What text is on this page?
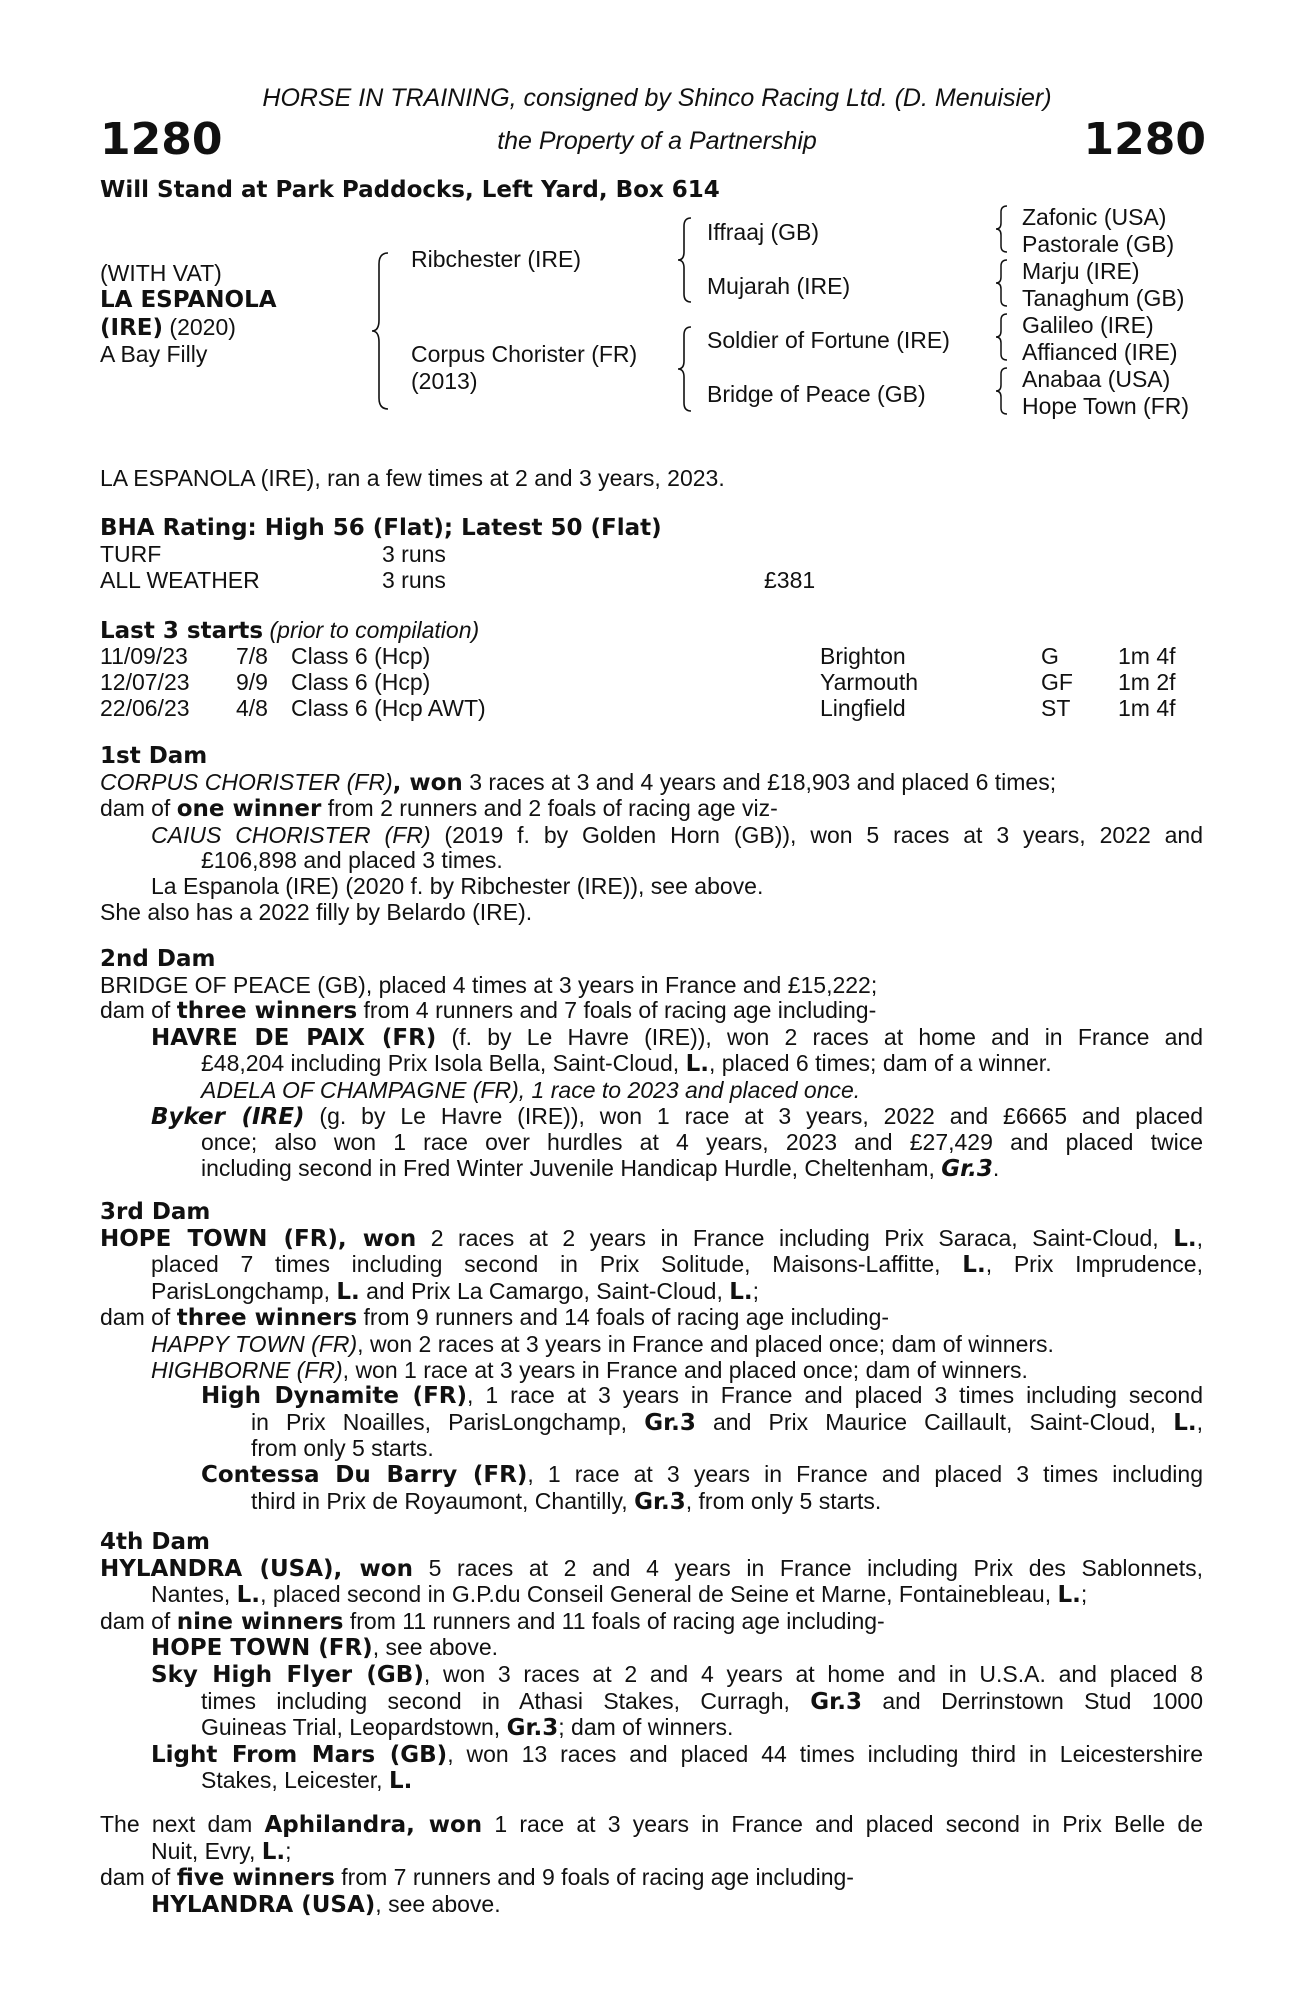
HORSE IN TRAINING, consigned by Shinco Racing Ltd. (D. Menuisier)
1280	the Property of a Partnership	1280
Will Stand at Park Paddocks, Left Yard, Box 614
(WITH VAT)
LA ESPANOLA
(IRE) (2020)
A Bay Filly
Ribchester (IRE)
Corpus Chorister (FR)
(2013)
Iffraaj (GB)
Mujarah (IRE)
Soldier of Fortune (IRE)
Bridge of Peace (GB)
Zafonic (USA)
Pastorale (GB)
Marju (IRE)
Tanaghum (GB)
Galileo (IRE)
Affianced (IRE)
Anabaa (USA)
Hope Town (FR)
LA ESPANOLA (IRE), ran a few times at 2 and 3 years, 2023.
BHA Rating: High 56 (Flat); Latest 50 (Flat)
TURF	3 runs
ALL WEATHER	3 runs	£381
Last 3 starts (prior to compilation)
11/09/23 7/8 Class 6 (Hcp)	Brighton	G	1m 4f
12/07/23 9/9 Class 6 (Hcp)	Yarmouth	GF 1m 2f
22/06/23 4/8 Class 6 (Hcp AWT)	Lingfield	ST 1m 4f
1st Dam
CORPUS CHORISTER (FR), won 3 races at 3 and 4 years and £18,903 and placed 6 times;
dam of one winner from 2 runners and 2 foals of racing age viz-
CAIUS CHORISTER (FR) (2019 f. by Golden Horn (GB)), won 5 races at 3 years, 2022 and
£106,898 and placed 3 times.
La Espanola (IRE) (2020 f. by Ribchester (IRE)), see above.
She also has a 2022 filly by Belardo (IRE).
2nd Dam
BRIDGE OF PEACE (GB), placed 4 times at 3 years in France and £15,222;
dam of three winners from 4 runners and 7 foals of racing age including-
HAVRE DE PAIX (FR) (f. by Le Havre (IRE)), won 2 races at home and in France and
£48,204 including Prix Isola Bella, Saint-Cloud, L., placed 6 times; dam of a winner.
ADELA OF CHAMPAGNE (FR), 1 race to 2023 and placed once.
Byker (IRE) (g. by Le Havre (IRE)), won 1 race at 3 years, 2022 and £6665 and placed
once; also won 1 race over hurdles at 4 years, 2023 and £27,429 and placed twice
including second in Fred Winter Juvenile Handicap Hurdle, Cheltenham, Gr.3.
3rd Dam
HOPE TOWN (FR), won 2 races at 2 years in France including Prix Saraca, Saint-Cloud, L.,
placed 7 times including second in Prix Solitude, Maisons-Laffitte, L., Prix Imprudence,
ParisLongchamp, L. and Prix La Camargo, Saint-Cloud, L.;
dam of three winners from 9 runners and 14 foals of racing age including-
HAPPY TOWN (FR), won 2 races at 3 years in France and placed once; dam of winners.
HIGHBORNE (FR), won 1 race at 3 years in France and placed once; dam of winners.
High Dynamite (FR), 1 race at 3 years in France and placed 3 times including second
in Prix Noailles, ParisLongchamp, Gr.3 and Prix Maurice Caillault, Saint-Cloud, L.,
from only 5 starts.
Contessa Du Barry (FR), 1 race at 3 years in France and placed 3 times including
third in Prix de Royaumont, Chantilly, Gr.3, from only 5 starts.
4th Dam
HYLANDRA (USA), won 5 races at 2 and 4 years in France including Prix des Sablonnets,
Nantes, L., placed second in G.P.du Conseil General de Seine et Marne, Fontainebleau, L.;
dam of nine winners from 11 runners and 11 foals of racing age including-
HOPE TOWN (FR), see above.
Sky High Flyer (GB), won 3 races at 2 and 4 years at home and in U.S.A. and placed 8
times including second in Athasi Stakes, Curragh, Gr.3 and Derrinstown Stud 1000
Guineas Trial, Leopardstown, Gr.3; dam of winners.
Light From Mars (GB), won 13 races and placed 44 times including third in Leicestershire
Stakes, Leicester, L.
The next dam Aphilandra, won 1 race at 3 years in France and placed second in Prix Belle de
Nuit, Evry, L.;
dam of five winners from 7 runners and 9 foals of racing age including-
HYLANDRA (USA), see above.
